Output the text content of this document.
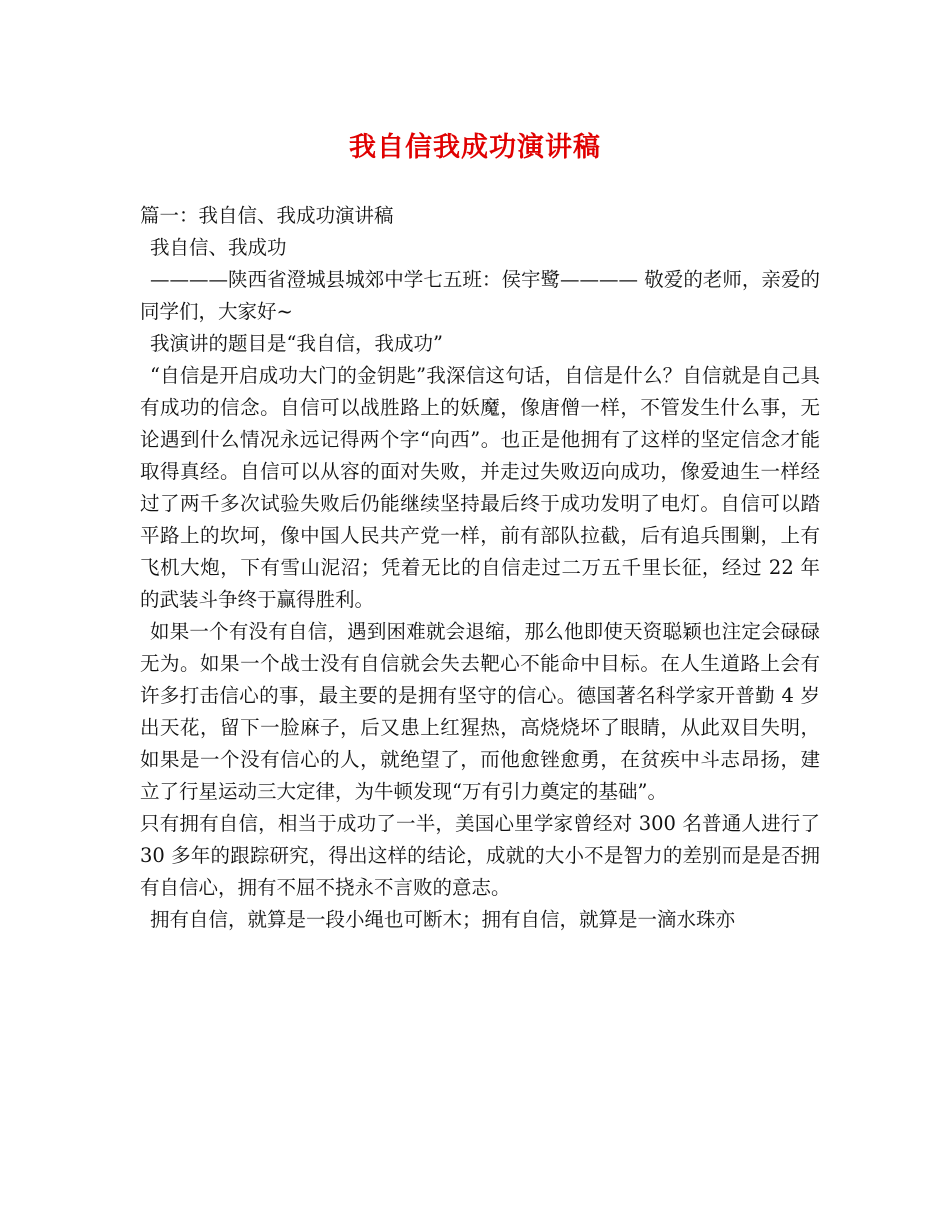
我自信我成功演讲稿

篇一：我自信、我成功演讲稿

我自信、我成功

————陕西省澄城县城郊中学七五班：侯宇鹭———— 敬爱的老师，亲爱的同学们，大家好~

我演讲的题目是“我自信，我成功”

“自信是开启成功大门的金钥匙”我深信这句话，自信是什么？自信就是自己具有成功的信念。自信可以战胜路上的妖魔，像唐僧一样，不管发生什么事，无论遇到什么情况永远记得两个字“向西”。也正是他拥有了这样的坚定信念才能取得真经。自信可以从容的面对失败，并走过失败迈向成功，像爱迪生一样经过了两千多次试验失败后仍能继续坚持最后终于成功发明了电灯。自信可以踏平路上的坎坷，像中国人民共产党一样，前有部队拉截，后有追兵围剿，上有飞机大炮，下有雪山泥沼；凭着无比的自信走过二万五千里长征，经过 22 年的武装斗争终于赢得胜利。

如果一个有没有自信，遇到困难就会退缩，那么他即使天资聪颖也注定会碌碌无为。如果一个战士没有自信就会失去靶心不能命中目标。在人生道路上会有许多打击信心的事，最主要的是拥有坚守的信心。德国著名科学家开普勤 4 岁出天花，留下一脸麻子，后又患上红猩热，高烧烧坏了眼睛，从此双目失明，如果是一个没有信心的人，就绝望了，而他愈锉愈勇，在贫疾中斗志昂扬，建立了行星运动三大定律，为牛顿发现“万有引力奠定的基础”。

只有拥有自信，相当于成功了一半，美国心里学家曾经对 300 名普通人进行了 30 多年的跟踪研究，得出这样的结论，成就的大小不是智力的差别而是是否拥有自信心，拥有不屈不挠永不言败的意志。

拥有自信，就算是一段小绳也可断木；拥有自信，就算是一滴水珠亦
